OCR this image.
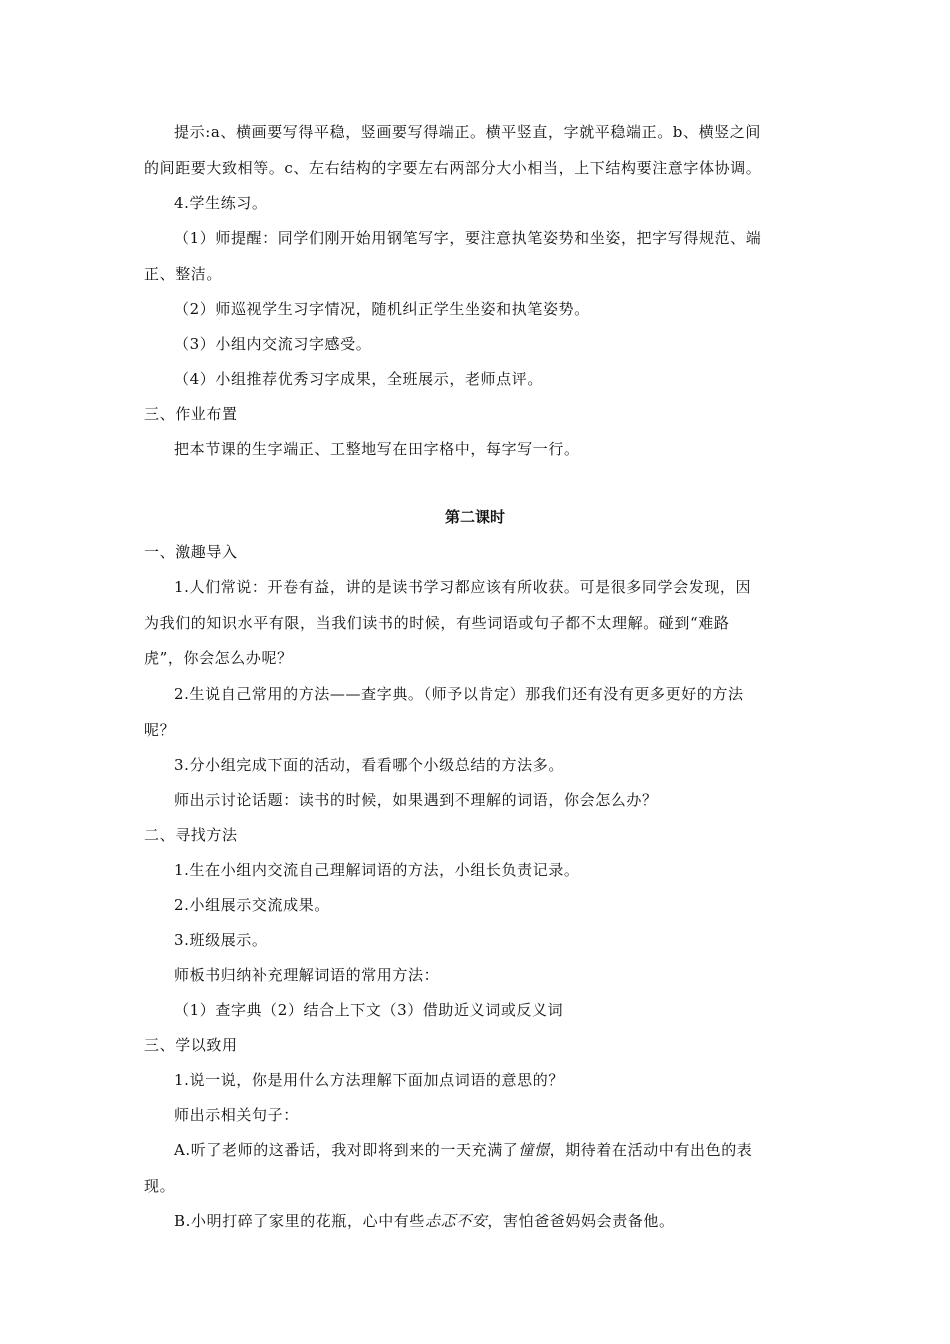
提示:a、横画要写得平稳，竖画要写得端正。横平竖直，字就平稳端正。b、横竖之间
的间距要大致相等。c、左右结构的字要左右两部分大小相当，上下结构要注意字体协调。
4.学生练习。
（1）师提醒：同学们刚开始用钢笔写字，要注意执笔姿势和坐姿，把字写得规范、端
正、整洁。
（2）师巡视学生习字情况，随机纠正学生坐姿和执笔姿势。
（3）小组内交流习字感受。
（4）小组推荐优秀习字成果，全班展示，老师点评。
三、作业布置
把本节课的生字端正、工整地写在田字格中，每字写一行。
第二课时
一、激趣导入
1.人们常说：开卷有益，讲的是读书学习都应该有所收获。可是很多同学会发现，因
为我们的知识水平有限，当我们读书的时候，有些词语或句子都不太理解。碰到“难路
虎”，你会怎么办呢？
2.生说自己常用的方法——查字典。（师予以肯定）那我们还有没有更多更好的方法
呢？
3.分小组完成下面的活动，看看哪个小级总结的方法多。
师出示讨论话题：读书的时候，如果遇到不理解的词语，你会怎么办？
二、寻找方法
1.生在小组内交流自己理解词语的方法，小组长负责记录。
2.小组展示交流成果。
3.班级展示。
师板书归纳补充理解词语的常用方法：
（1）查字典（2）结合上下文（3）借助近义词或反义词
三、学以致用
1.说一说，你是用什么方法理解下面加点词语的意思的？
师出示相关句子：
A.听了老师的这番话，我对即将到来的一天充满了憧憬，期待着在活动中有出色的表
现。
B.小明打碎了家里的花瓶，心中有些忐忑不安，害怕爸爸妈妈会责备他。
